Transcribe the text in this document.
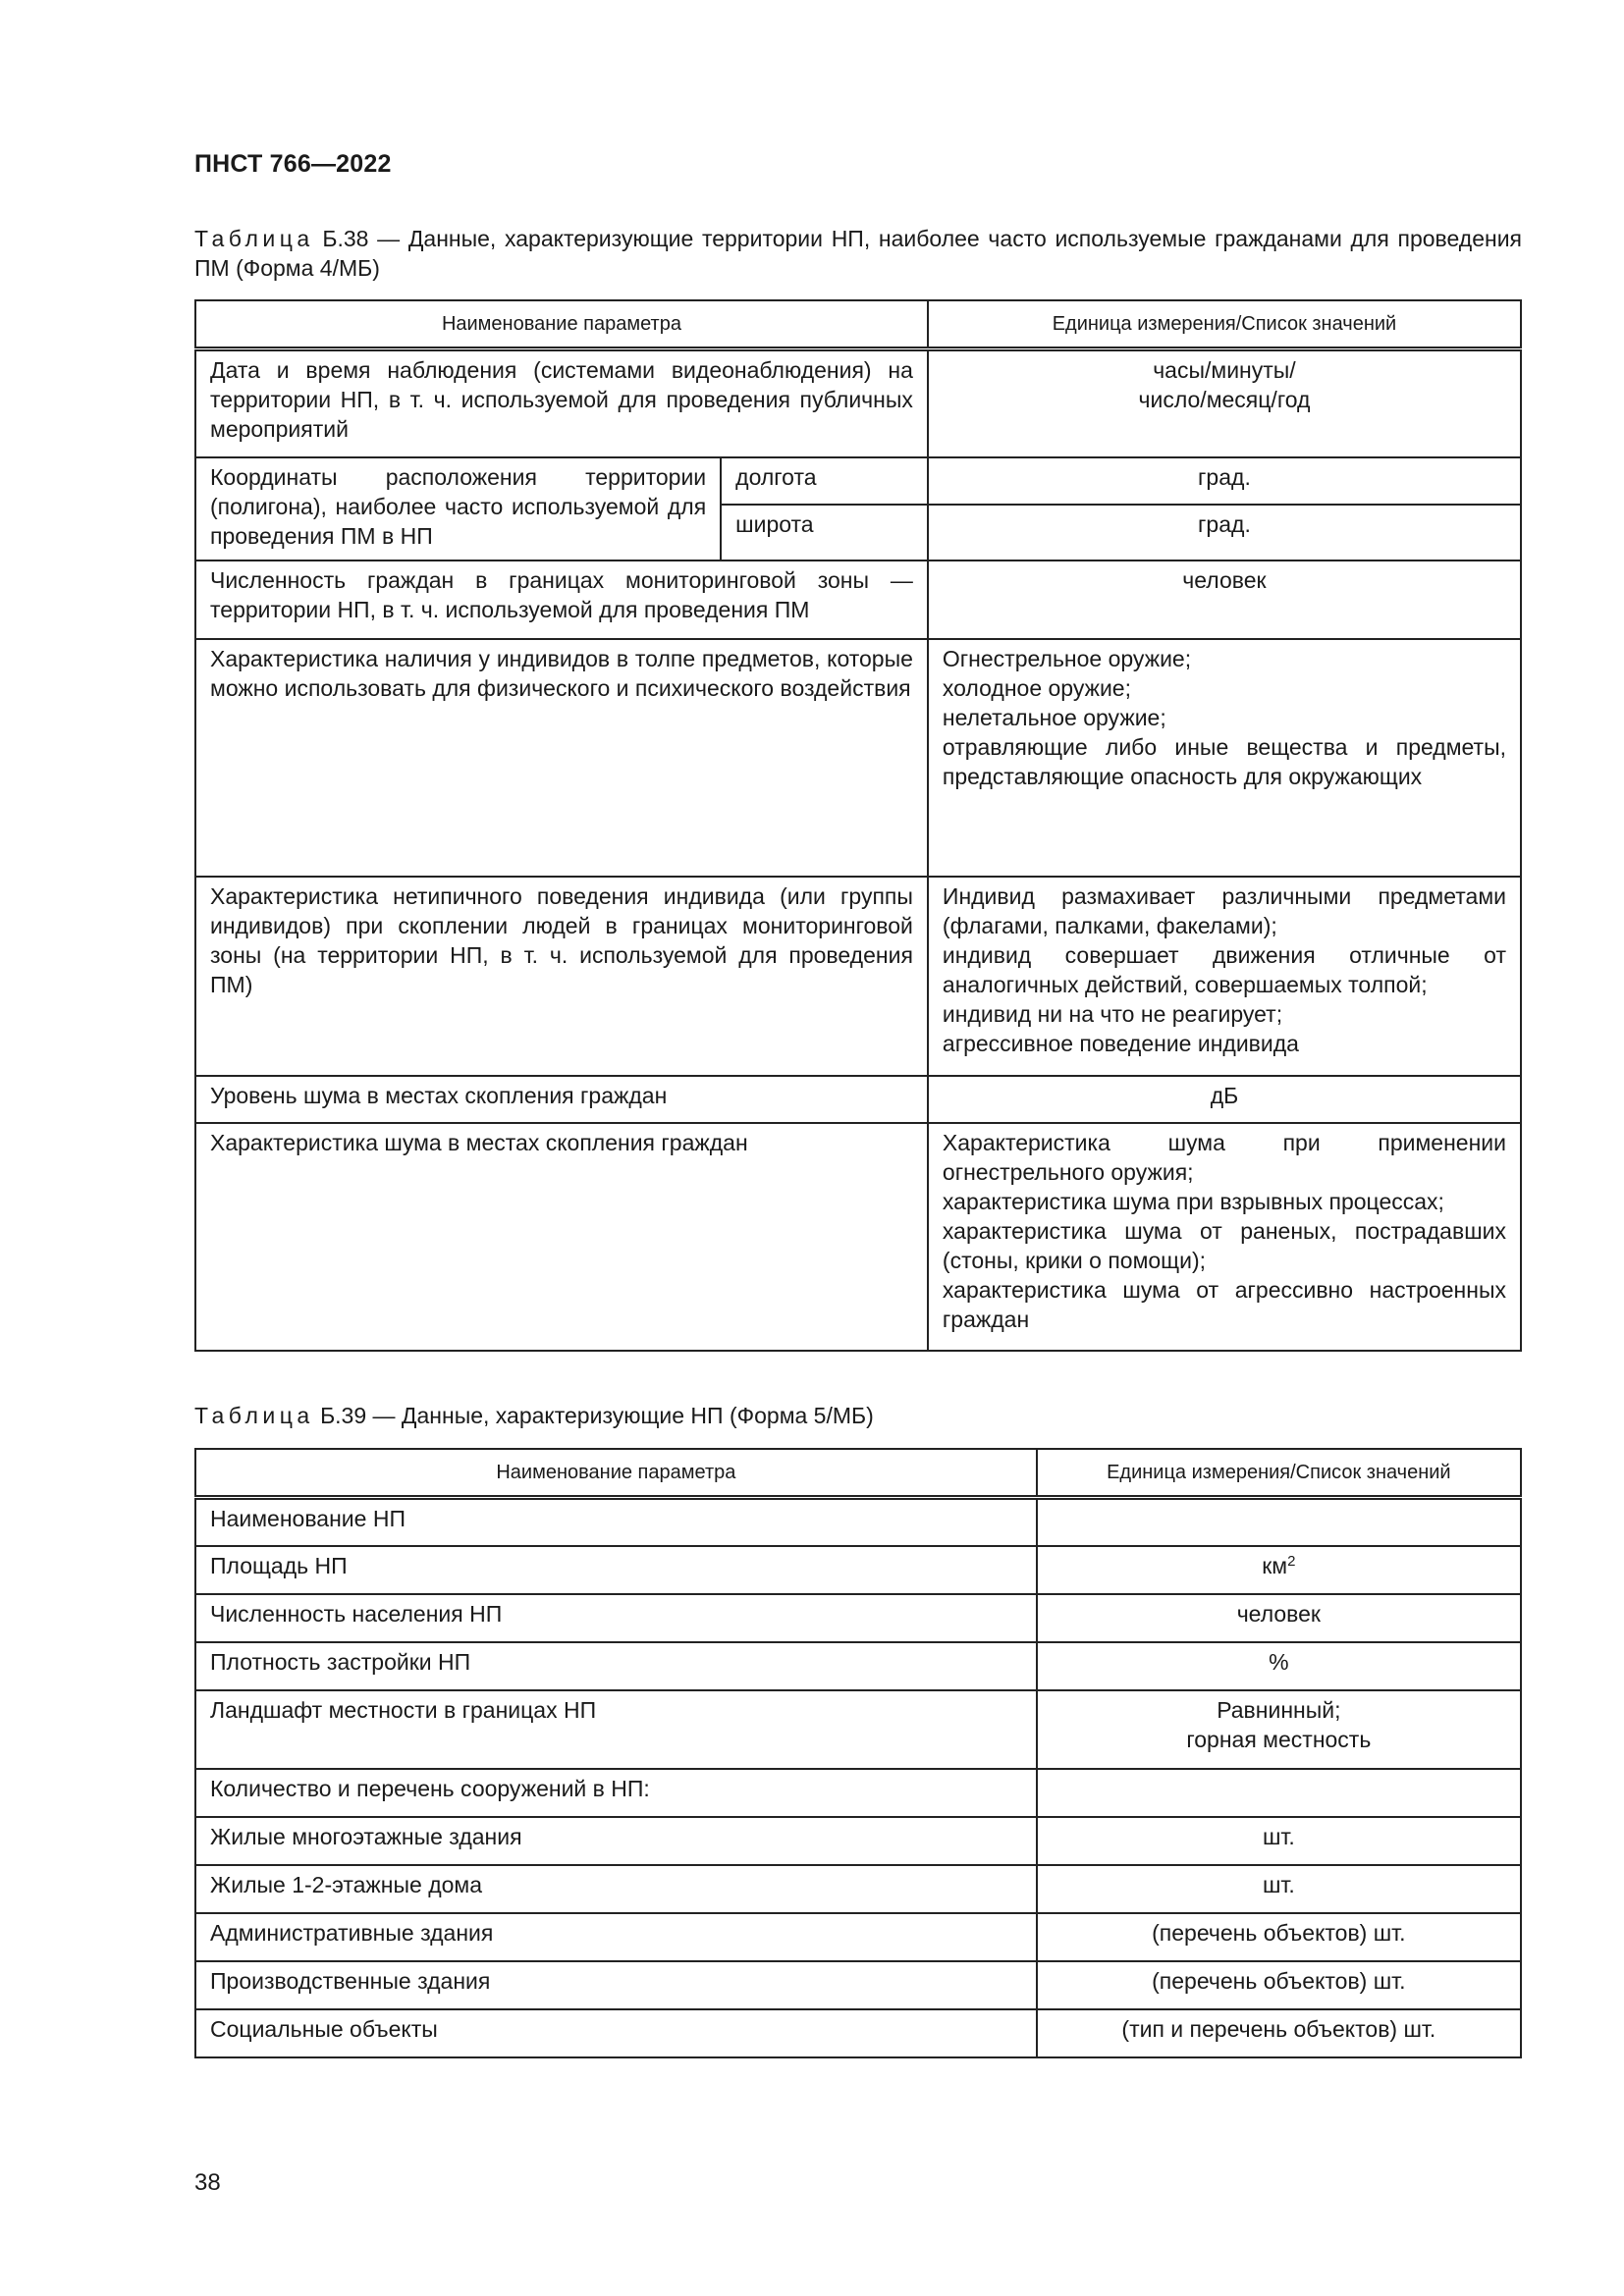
ПНСТ 766—2022
Таблица Б.38 — Данные, характеризующие территории НП, наиболее часто используемые гражданами для проведения ПМ (Форма 4/МБ)
Наименование параметра		Единица измерения/Список значений
Дата и время наблюдения (системами видеонаблюдения) на территории НП, в т. ч. используемой для проведения публичных мероприятий		часы/минуты/
число/месяц/год

Координаты расположения территории (полигона), наиболее часто используемой для проведения ПМ в НП	долгота	град.
	широта	град.
Численность граждан в границах мониторинговой зоны — территории НП, в т. ч. используемой для проведения ПМ		человек
Характеристика наличия у индивидов в толпе предметов, которые можно использовать для физического и психического воздействия		Огнестрельное оружие;
холодное оружие;
нелетальное оружие;
отравляющие либо иные вещества и предметы, представляющие опасность для окружающих

Характеристика нетипичного поведения индивида (или группы индивидов) при скоплении людей в границах мониторинговой зоны (на территории НП, в т. ч. используемой для проведения ПМ)		Индивид размахивает различными предметами (флагами, палками, факелами);
индивид совершает движения отличные от аналогичных действий, совершаемых толпой;
индивид ни на что не реагирует;
агрессивное поведение индивида

Уровень шума в местах скопления граждан		дБ
Характеристика шума в местах скопления граждан		Характеристика шума при применении огнестрельного оружия;
характеристика шума при взрывных процессах;
характеристика шума от раненых, пострадавших (стоны, крики о помощи);
характеристика шума от агрессивно настроенных граждан
Таблица Б.39 — Данные, характеризующие НП (Форма 5/МБ)
Наименование параметра	Единица измерения/Список значений
Наименование НП	
Площадь НП	$км^2$
Численность населения НП	человек
Плотность застройки НП	%
Ландшафт местности в границах НП	Равнинный;
горная местность

Количество и перечень сооружений в НП:	
Жилые многоэтажные здания	шт.
Жилые 1-2-этажные дома	шт.
Административные здания	(перечень объектов) шт.
Производственные здания	(перечень объектов) шт.
Социальные объекты	(тип и перечень объектов) шт.
38
